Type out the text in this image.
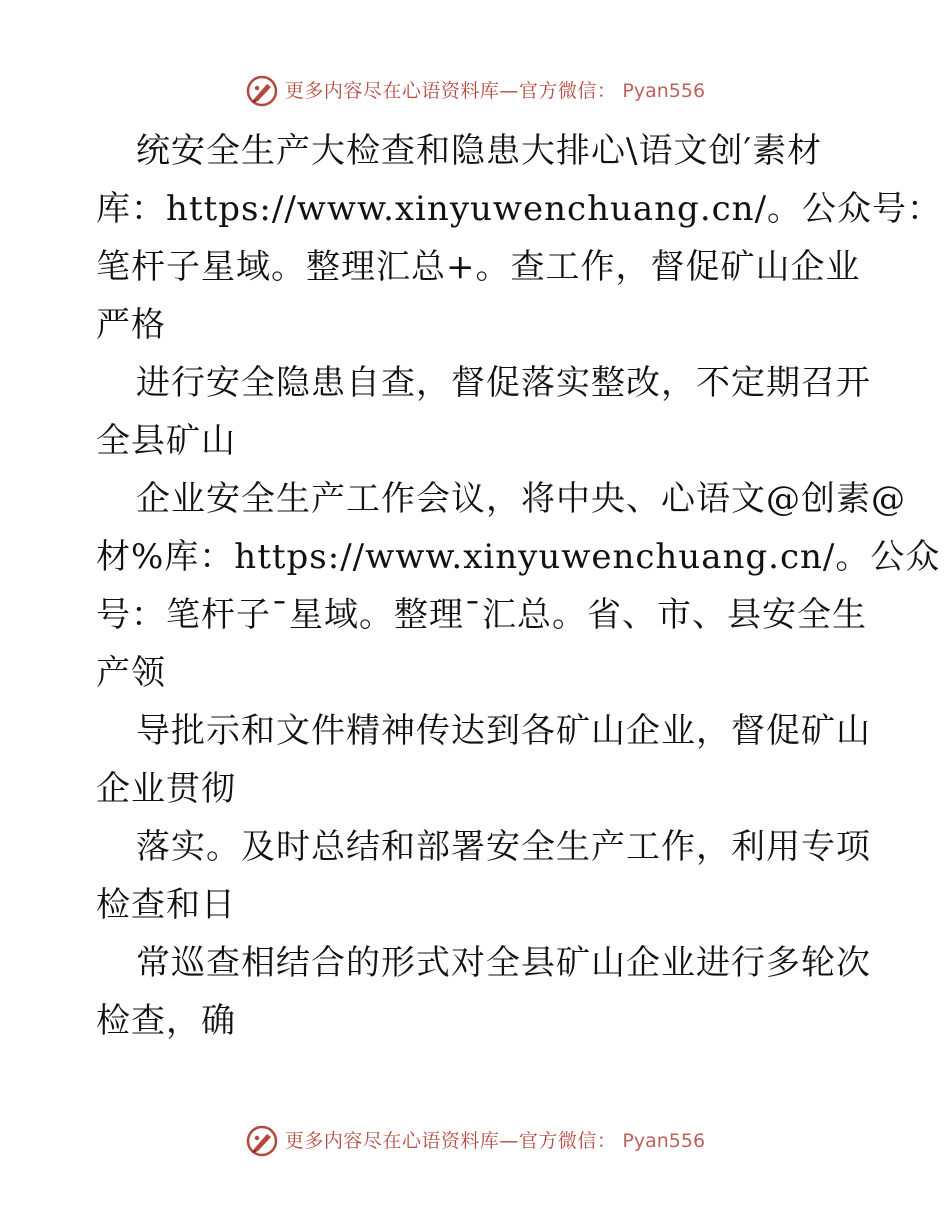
更多内容尽在心语资料库—官方微信： Pyan556
统安全生产大检查和隐患大排心\语文创′素材
库：https://www.xinyuwenchuang.cn/。公众号：
笔杆子星域。整理汇总+。查工作，督促矿山企业
严格
进行安全隐患自查，督促落实整改，不定期召开
全县矿山
企业安全生产工作会议，将中央、心语文@创素@
材%库：https://www.xinyuwenchuang.cn/。公众
号：笔杆子¯星域。整理¯汇总。省、市、县安全生
产领
导批示和文件精神传达到各矿山企业，督促矿山
企业贯彻
落实。及时总结和部署安全生产工作，利用专项
检查和日
常巡查相结合的形式对全县矿山企业进行多轮次
检查，确
更多内容尽在心语资料库—官方微信： Pyan556
